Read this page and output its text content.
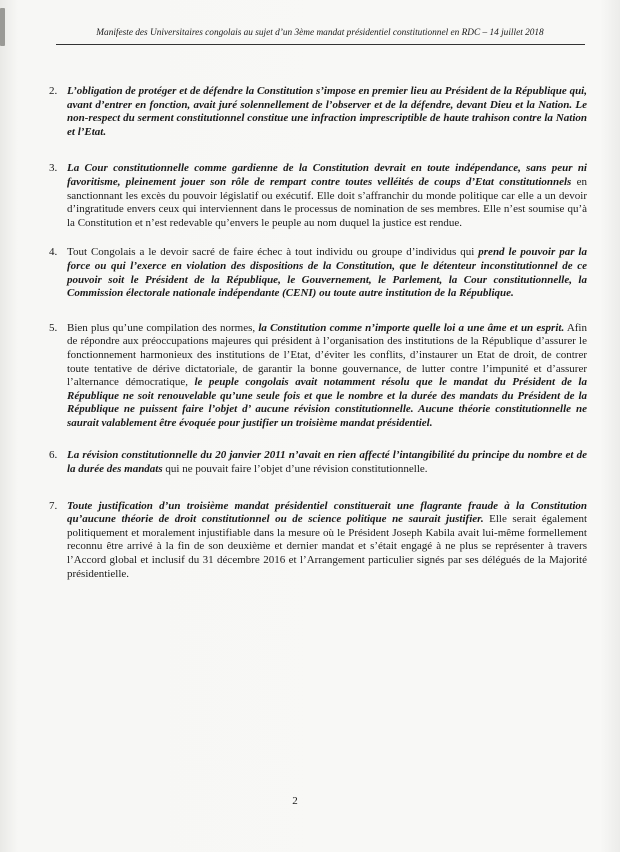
Manifeste des Universitaires congolais au sujet d’un 3ème mandat présidentiel constitutionnel en RDC – 14 juillet 2018
2. L’obligation de protéger et de défendre la Constitution s’impose en premier lieu au Président de la République qui, avant d’entrer en fonction, avait juré solennellement de l’observer et de la défendre, devant Dieu et la Nation. Le non-respect du serment constitutionnel constitue une infraction imprescriptible de haute trahison contre la Nation et l’Etat.
3. La Cour constitutionnelle comme gardienne de la Constitution devrait en toute indépendance, sans peur ni favoritisme, pleinement jouer son rôle de rempart contre toutes velléités de coups d’Etat constitutionnels en sanctionnant les excès du pouvoir législatif ou exécutif. Elle doit s’affranchir du monde politique car elle a un devoir d’ingratitude envers ceux qui interviennent dans le processus de nomination de ses membres. Elle n’est soumise qu’à la Constitution et n’est redevable qu’envers le peuple au nom duquel la justice est rendue.
4. Tout Congolais a le devoir sacré de faire échec à tout individu ou groupe d’individus qui prend le pouvoir par la force ou qui l’exerce en violation des dispositions de la Constitution, que le détenteur inconstitutionnel de ce pouvoir soit le Président de la République, le Gouvernement, le Parlement, la Cour constitutionnelle, la Commission électorale nationale indépendante (CENI) ou toute autre institution de la République.
5. Bien plus qu’une compilation des normes, la Constitution comme n’importe quelle loi a une âme et un esprit. Afin de répondre aux préoccupations majeures qui président à l’organisation des institutions de la République d’assurer le fonctionnement harmonieux des institutions de l’Etat, d’éviter les conflits, d’instaurer un Etat de droit, de contrer toute tentative de dérive dictatoriale, de garantir la bonne gouvernance, de lutter contre l’impunité et d’assurer l’alternance démocratique, le peuple congolais avait notamment résolu que le mandat du Président de la République ne soit renouvelable qu’une seule fois et que le nombre et la durée des mandats du Président de la République ne puissent faire l’objet d’ aucune révision constitutionnelle. Aucune théorie constitutionnelle ne saurait valablement être évoquée pour justifier un troisième mandat présidentiel.
6. La révision constitutionnelle du 20 janvier 2011 n’avait en rien affecté l’intangibilité du principe du nombre et de la durée des mandats qui ne pouvait faire l’objet d’une révision constitutionnelle.
7. Toute justification d’un troisième mandat présidentiel constituerait une flagrante fraude à la Constitution qu’aucune théorie de droit constitutionnel ou de science politique ne saurait justifier. Elle serait également politiquement et moralement injustifiable dans la mesure où le Président Joseph Kabila avait lui-même formellement reconnu être arrivé à la fin de son deuxième et dernier mandat et s’était engagé à ne plus se représenter à travers l’Accord global et inclusif du 31 décembre 2016 et l’Arrangement particulier signés par ses délégués de la Majorité présidentielle.
2
